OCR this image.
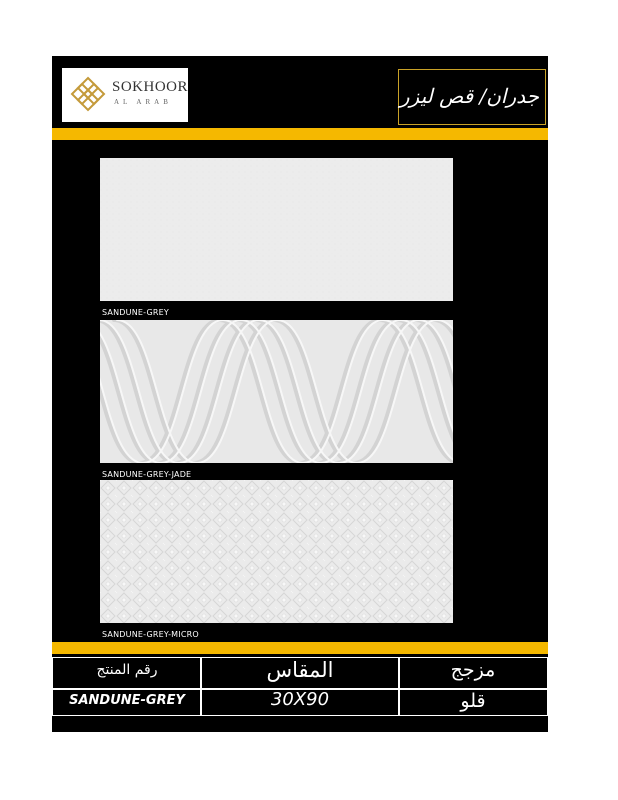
SOKHOOR
AL ARAB	جدران/ قص ليزر
SANDUNE-GREY
SANDUNE-GREY-JADE
SANDUNE-GREY-MICRO
رقم المنتج
SANDUNE-GREY
المقاس
30X90
مزجج
قلو
